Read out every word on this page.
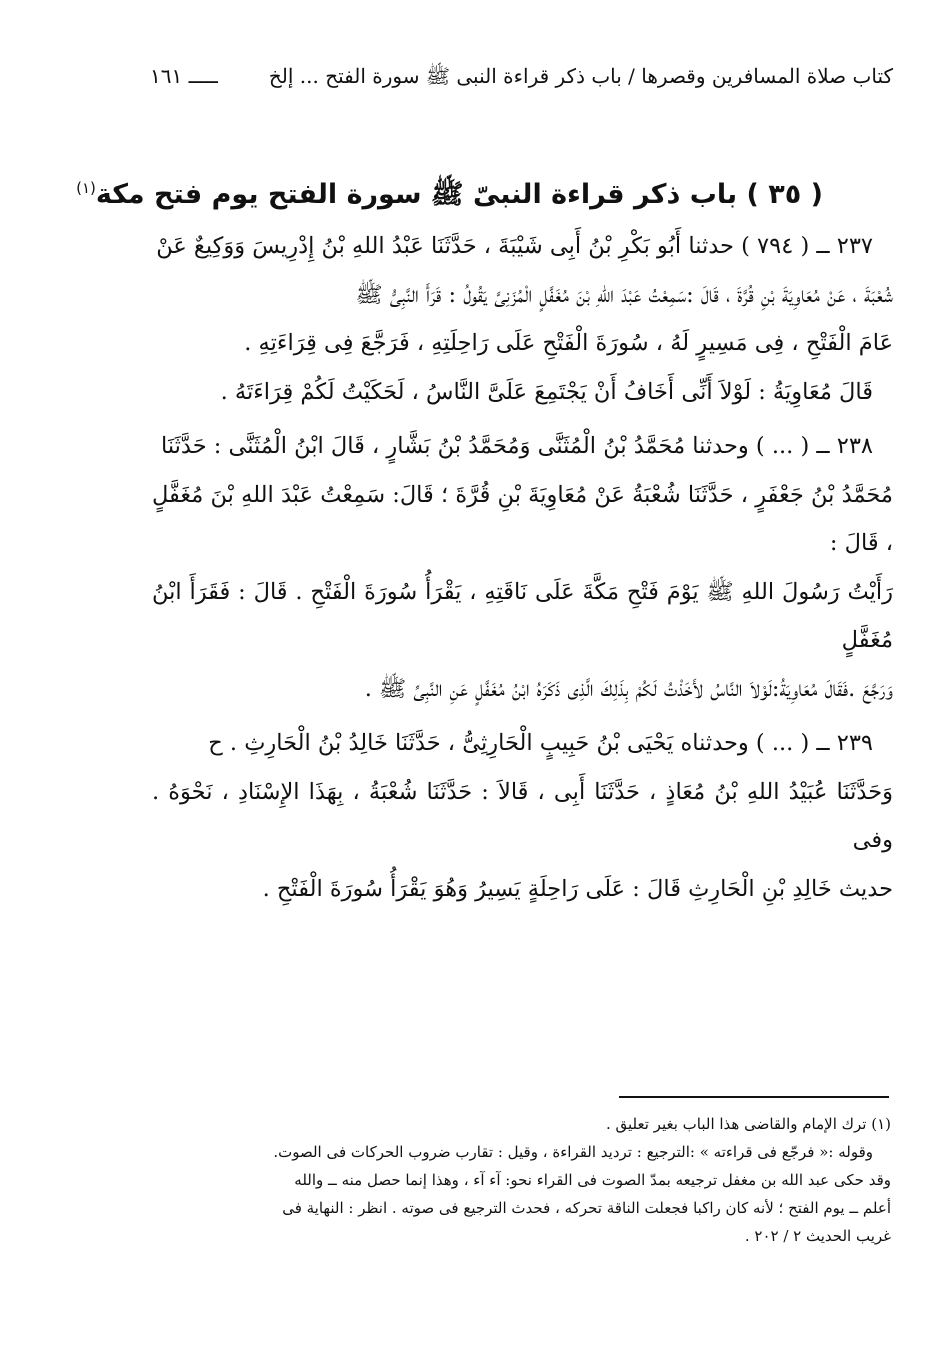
كتاب صلاة المسافرين وقصرها / باب ذكر قراءة النبى ﷺ سورة الفتح ... إلخ
ـــــ ١٦١
( ٣٥ ) باب ذكر قراءة النبىّ ﷺ سورة الفتح يوم فتح مكة$^{(١)}$

٢٣٧ ــ ( ٧٩٤ ) حدثنا أَبُو بَكْرِ بْنُ أَبِى شَيْبَةَ ، حَدَّثَنَا عَبْدُ اللهِ بْنُ إِدْرِيسَ وَوَكِيعٌ عَنْ

شُعْبَةَ ، عَنْ مُعَاوِيَةَ بْنِ قُرَّةَ ، قَالَ :سَمِعْتُ عَبْدَ اللهِ بْنَ مُغَفَّلٍ الْمُزَنِىَّ يَقُولُ : قَرَأَ النَّبِىُّ ﷺ

عَامَ الْفَتْحِ ، فِى مَسِيرٍ لَهُ ، سُورَةَ الْفَتْحِ عَلَى رَاحِلَتِهِ ، فَرَجَّعَ فِى قِرَاءَتِهِ .

قَالَ مُعَاوِيَةُ : لَوْلاَ أَنِّى أَخَافُ أَنْ يَجْتَمِعَ عَلَىَّ النَّاسُ ، لَحَكَيْتُ لَكُمْ قِرَاءَتَهُ .

٢٣٨ ــ ( ... ) وحدثنا مُحَمَّدُ بْنُ الْمُثَنَّى وَمُحَمَّدُ بْنُ بَشَّارٍ ، قَالَ ابْنُ الْمُثَنَّى : حَدَّثَنَا

مُحَمَّدُ بْنُ جَعْفَرٍ ، حَدَّثَنَا شُعْبَةُ عَنْ مُعَاوِيَةَ بْنِ قُرَّةَ ؛ قَالَ: سَمِعْتُ عَبْدَ اللهِ بْنَ مُغَفَّلٍ ، قَالَ :

رَأَيْتُ رَسُولَ اللهِ ﷺ يَوْمَ فَتْحِ مَكَّةَ عَلَى نَاقَتِهِ ، يَقْرَأُ سُورَةَ الْفَتْحِ . قَالَ : فَقَرَأَ ابْنُ مُغَفَّلٍ

وَرَجَّعَ .فَقَالَ مُعَاوِيَةُ:لَوْلاَ النَّاسُ لأَخَذْتُ لَكُمْ بِذَلِكَ الَّذِى ذَكَرَهُ ابْنُ مُغَفَّلٍ عَنِ النَّبِىِّ ﷺ .

٢٣٩ ــ ( ... ) وحدثناه يَحْيَى بْنُ حَبِيبٍ الْحَارِثِىُّ ، حَدَّثَنَا خَالِدُ بْنُ الْحَارِثِ . ح

وَحَدَّثَنَا عُبَيْدُ اللهِ بْنُ مُعَاذٍ ، حَدَّثَنَا أَبِى ، قَالاَ : حَدَّثَنَا شُعْبَةُ ، بِهَذَا الإِسْنَادِ ، نَحْوَهُ . وفى

حديث خَالِدِ بْنِ الْحَارِثِ قَالَ : عَلَى رَاحِلَةٍ يَسِيرُ وَهُوَ يَقْرَأُ سُورَةَ الْفَتْحِ .

(١) ترك الإمام والقاضى هذا الباب بغير تعليق .

وقوله :« فرجّع فى قراءته » :الترجيع : ترديد القراءة ، وقيل : تقارب ضروب الحركات فى الصوت.

وقد حكى عبد الله بن مغفل ترجيعه بمدّ الصوت فى القراء نحو: آء آء ، وهذا إنما حصل منه ــ والله

أعلم ــ يوم الفتح ؛ لأنه كان راكبا فجعلت الناقة تحركه ، فحدث الترجيع فى صوته . انظر : النهاية فى

غريب الحديث ٢ / ٢٠٢ .
